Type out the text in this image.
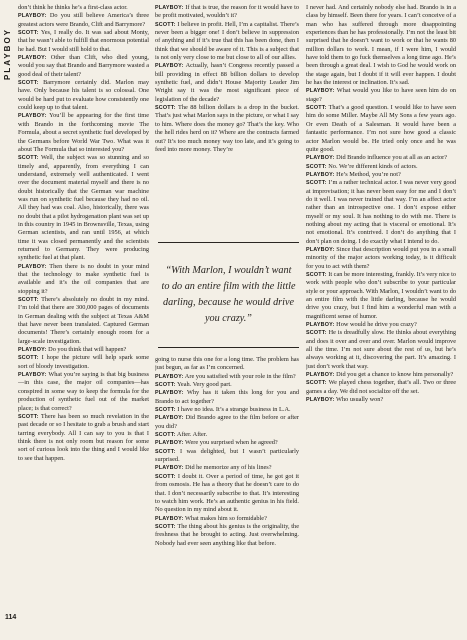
PLAYBOY

don’t think he thinks he’s a first-class actor.

PLAYBOY: Do you still believe America’s three greatest actors were Brando, Clift and Barrymore?

SCOTT: Yes, I really do. It was sad about Monty, that he wasn’t able to fulfill that enormous potential he had. But I would still hold to that.

PLAYBOY: Other than Clift, who died young, would you say that Brando and Barrymore wasted a good deal of their talent?

SCOTT: Barrymore certainly did. Marlon may have. Only because his talent is so colossal. One would be hard put to evaluate how consistently one could keep up to that talent.

PLAYBOY: You’ll be appearing for the first time with Brando in the forthcoming movie The Formula, about a secret synthetic fuel developed by the Germans before World War Two. What was it about The Formula that so interested you?

SCOTT: Well, the subject was so stunning and so timely and, apparently, from everything I can understand, extremely well authenticated. I went over the document material myself and there is no doubt historically that the German war machine was run on synthetic fuel because they had no oil. All they had was coal. Also, historically, there was no doubt that a pilot hydrogenation plant was set up in this country in 1945 in Brownsville, Texas, using German scientists, and ran until 1956, at which time it was closed permanently and the scientists returned to Germany. They were producing synthetic fuel at that plant.

PLAYBOY: Then there is no doubt in your mind that the technology to make synthetic fuel is available and it’s the oil companies that are stopping it?

SCOTT: There’s absolutely no doubt in my mind. I’m told that there are 300,000 pages of documents in German dealing with the subject at Texas A&M that have never been translated. Captured German documents! There’s certainly enough room for a large-scale investigation.

PLAYBOY: Do you think that will happen?

SCOTT: I hope the picture will help spark some sort of bloody investigation.

PLAYBOY: What you’re saying is that big business—in this case, the major oil companies—has conspired in some way to keep the formula for the production of synthetic fuel out of the market place; is that correct?

SCOTT: There has been so much revelation in the past decade or so I hesitate to grab a brush and start tarring everybody. All I can say to you is that I think there is not only room but reason for some sort of curious look into the thing and I would like to see that happen.

PLAYBOY: If that is true, the reason for it would have to be profit motivated, wouldn’t it?

SCOTT: I believe in profit. Hell, I’m a capitalist. There’s never been a bigger one! I don’t believe in suppression of anything and if it’s true that this has been done, then I think that we should be aware of it. This is a subject that is not only very close to me but close to all of our allies.

PLAYBOY: Actually, hasn’t Congress recently passed a bill providing in effect 88 billion dollars to develop synthetic fuel, and didn’t House Majority Leader Jim Wright say it was the most significant piece of legislation of the decade?

SCOTT: The 88 billion dollars is a drop in the bucket. That’s just what Marlon says in the picture, or what I say to him. Where does the money go? That’s the key. Who the hell rides herd on it? Where are the contracts farmed out? It’s too much money way too late, and it’s going to feed into more money. They’re

“With Marlon, I wouldn’t want to do an entire film with the little darling, because he would drive you crazy.”

going to nurse this one for a long time. The problem has just begun, as far as I’m concerned.

PLAYBOY: Are you satisfied with your role in the film?

SCOTT: Yeah. Very good part.

PLAYBOY: Why has it taken this long for you and Brando to act together?

SCOTT: I have no idea. It’s a strange business in L.A.

PLAYBOY: Did Brando agree to the film before or after you did?

SCOTT: After. After.

PLAYBOY: Were you surprised when he agreed?

SCOTT: I was delighted, but I wasn’t particularly surprised.

PLAYBOY: Did he memorize any of his lines?

SCOTT: I doubt it. Over a period of time, he got got it from osmosis. He has a theory that he doesn’t care to do that. I don’t necessarily subscribe to that. It’s interesting to watch him work. He’s an authentic genius in his field. No question in my mind about it.

PLAYBOY: What makes him so formidable?

SCOTT: The thing about his genius is the originality, the freshness that he brought to acting. Just overwhelming. Nobody had ever seen anything like that before.

I never had. And certainly nobody else had. Brando is in a class by himself. Been there for years. I can’t conceive of a man who has suffered through more disappointing experiences than he has professionally. I’m not the least bit surprised that he doesn’t want to work or that he wants 80 million dollars to work. I mean, if I were him, I would have told them to go fuck themselves a long time ago. He’s been through a great deal. I wish to God he would work on the stage again, but I doubt if it will ever happen. I doubt he has the interest or inclination. It’s sad.

PLAYBOY: What would you like to have seen him do on stage?

SCOTT: That’s a good question. I would like to have seen him do some Miller. Maybe All My Sons a few years ago. Or even Death of a Salesman. It would have been a fantastic performance. I’m not sure how good a classic actor Marlon would be. He tried only once and he was quite good.

PLAYBOY: Did Brando influence you at all as an actor?

SCOTT: No. We’re different kinds of actors.

PLAYBOY: He’s Method, you’re not?

SCOTT: I’m a rather technical actor. I was never very good at improvisation; it has never been easy for me and I don’t do it well. I was never trained that way. I’m an affect actor rather than an introspective one. I don’t expose either myself or my soul. It has nothing to do with me. There is nothing about my acting that is visceral or emotional. It’s not emotional. It’s contrived. I don’t do anything that I don’t plan on doing. I do exactly what I intend to do.

PLAYBOY: Since that description would put you in a small minority of the major actors working today, is it difficult for you to act with them?

SCOTT: It can be more interesting, frankly. It’s very nice to work with people who don’t subscribe to your particular style or your approach. With Marlon, I wouldn’t want to do an entire film with the little darling, because he would drive you crazy, but I find him a wonderful man with a magnificent sense of humor.

PLAYBOY: How would he drive you crazy?

SCOTT: He is dreadfully slow. He thinks about everything and does it over and over and over. Marlon would improve all the time. I’m not sure about the rest of us, but he’s always working at it, discovering the part. It’s amazing. I just don’t work that way.

PLAYBOY: Did you get a chance to know him personally?

SCOTT: We played chess together, that’s all. Two or three games a day. We did not socialize off the set.

PLAYBOY: Who usually won?

114
